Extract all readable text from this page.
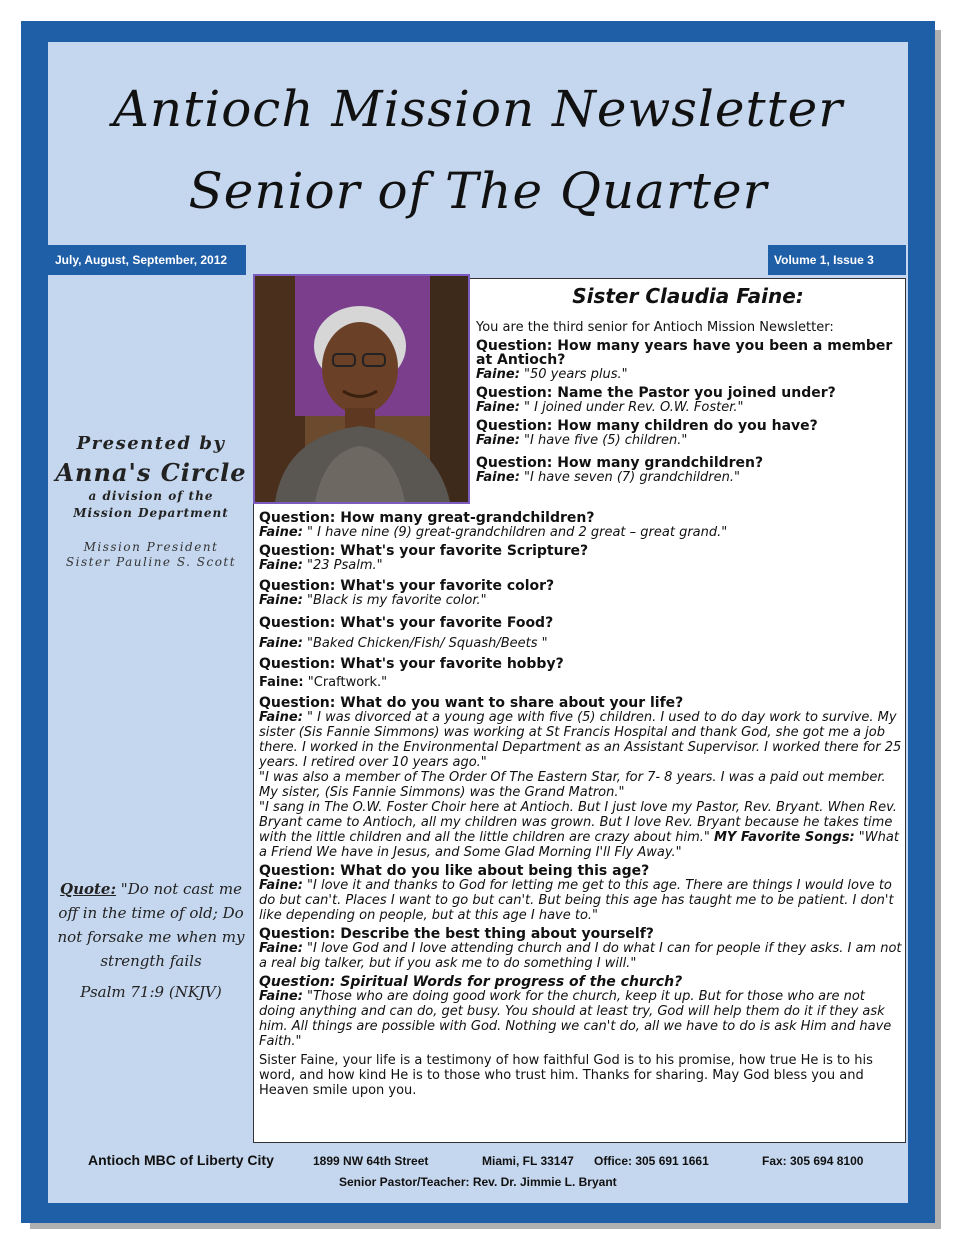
Antioch Mission Newsletter
Senior of The Quarter
July, August, September, 2012	Volume 1, Issue 3
Presented by
Anna's Circle
a division of the
Mission Department
Mission President
Sister Pauline S. Scott
Quote: "Do not cast me off in the time of old; Do not forsake me when my strength fails
Psalm 71:9 (NKJV)
Sister Claudia Faine:
You are the third senior for Antioch Mission Newsletter:
Question: How many years have you been a member at Antioch?
Faine: "50 years plus."
Question: Name the Pastor you joined under?
Faine: " I joined under Rev. O.W. Foster."
Question: How many children do you have?
Faine: "I have five (5) children."
Question: How many grandchildren?
Faine: "I have seven (7) grandchildren."
Question: How many great-grandchildren?
Faine: " I have nine (9) great-grandchildren and 2 great – great grand."
Question: What's your favorite Scripture?
Faine: "23 Psalm."
Question: What's your favorite color?
Faine: "Black is my favorite color."
Question: What's your favorite Food?
Faine: "Baked Chicken/Fish/ Squash/Beets "
Question: What's your favorite hobby?
Faine: "Craftwork."
Question: What do you want to share about your life?
Faine: " I was divorced at a young age with five (5) children. I used to do day work to survive. My sister (Sis Fannie Simmons) was working at St Francis Hospital and thank God, she got me a job there. I worked in the Environmental Department as an Assistant Supervisor. I worked there for 25 years. I retired over 10 years ago."
"I was also a member of The Order Of The Eastern Star, for 7- 8 years. I was a paid out member. My sister, (Sis Fannie Simmons) was the Grand Matron."
"I sang in The O.W. Foster Choir here at Antioch. But I just love my Pastor, Rev. Bryant. When Rev. Bryant came to Antioch, all my children was grown. But I love Rev. Bryant because he takes time with the little children and all the little children are crazy about him." MY Favorite Songs: "What a Friend We have in Jesus, and Some Glad Morning I'll Fly Away."
Question: What do you like about being this age?
Faine: "I love it and thanks to God for letting me get to this age. There are things I would love to do but can't. Places I want to go but can't. But being this age has taught me to be patient. I don't like depending on people, but at this age I have to."
Question: Describe the best thing about yourself?
Faine: "I love God and I love attending church and I do what I can for people if they asks. I am not a real big talker, but if you ask me to do something I will."
Question: Spiritual Words for progress of the church?
Faine: "Those who are doing good work for the church, keep it up. But for those who are not doing anything and can do, get busy. You should at least try, God will help them do it if they ask him. All things are possible with God. Nothing we can't do, all we have to do is ask Him and have Faith."
Sister Faine, your life is a testimony of how faithful God is to his promise, how true He is to his word, and how kind He is to those who trust him. Thanks for sharing. May God bless you and Heaven smile upon you.
Antioch MBC of Liberty City	1899 NW 64th Street	Miami, FL 33147 Office: 305 691 1661	Fax: 305 694 8100
Senior Pastor/Teacher: Rev. Dr. Jimmie L. Bryant
